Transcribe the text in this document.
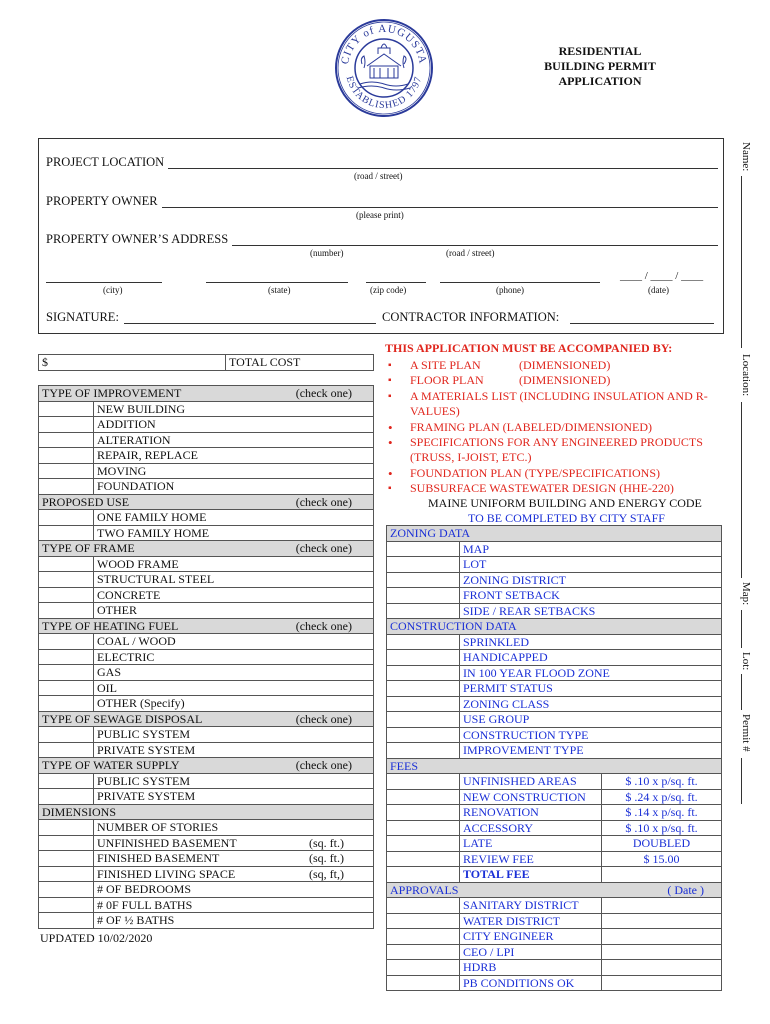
CITY of AUGUSTA
ESTABLISHED 1797
RESIDENTIAL
BUILDING PERMIT
APPLICATION
Name:
Location:
Map:
Lot:
Permit #
PROJECT LOCATION
(road / street)
PROPERTY OWNER
(please print)
PROPERTY OWNER’S ADDRESS
(number)	(road / street)
____ / ____ / ____
(city)	(state)	(zip code)	(phone)	(date)
SIGNATURE:	CONTRACTOR INFORMATION:
$	TOTAL COST
THIS APPLICATION MUST BE ACCOMPANIED BY:
▪ A SITE PLAN	(DIMENSIONED)
▪ FLOOR PLAN	(DIMENSIONED)
▪ A MATERIALS LIST (INCLUDING INSULATION AND R-VALUES)
• FRAMING PLAN (LABELED/DIMENSIONED)
• SPECIFICATIONS FOR ANY ENGINEERED PRODUCTS (TRUSS, I-JOIST, ETC.)
• FOUNDATION PLAN (TYPE/SPECIFICATIONS)
▪ SUBSURFACE WASTEWATER DESIGN (HHE-220)
MAINE UNIFORM BUILDING AND ENERGY CODE
TO BE COMPLETED BY CITY STAFF
TYPE OF IMPROVEMENT (check one)	

	NEW BUILDING
	ADDITION
	ALTERATION
	REPAIR, REPLACE
	MOVING
	FOUNDATION
PROPOSED USE (check one)	

	ONE FAMILY HOME
	TWO FAMILY HOME
TYPE OF FRAME (check one)	

	WOOD FRAME
	STRUCTURAL STEEL
	CONCRETE
	OTHER
TYPE OF HEATING FUEL (check one)	

	COAL / WOOD
	ELECTRIC
	GAS
	OIL
	OTHER (Specify)
TYPE OF SEWAGE DISPOSAL (check one)	

	PUBLIC SYSTEM
	PRIVATE SYSTEM
TYPE OF WATER SUPPLY (check one)	

	PUBLIC SYSTEM
	PRIVATE SYSTEM
DIMENSIONS	

	NUMBER OF STORIES
	UNFINISHED BASEMENT (sq. ft.)

	FINISHED BASEMENT (sq. ft.)

	FINISHED LIVING SPACE (sq, ft,)

	# OF BEDROOMS
	# 0F FULL BATHS
	# OF ½ BATHS
UPDATED 10/02/2020
ZONING DATA		
	MAP	
	LOT	
	ZONING DISTRICT	
	FRONT SETBACK	
	SIDE / REAR SETBACKS	
CONSTRUCTION DATA		
	SPRINKLED	
	HANDICAPPED	
	IN 100 YEAR FLOOD ZONE	
	PERMIT STATUS	
	ZONING CLASS	
	USE GROUP	
	CONSTRUCTION TYPE	
	IMPROVEMENT TYPE	
FEES		
	UNFINISHED AREAS	$ .10 x p/sq. ft.
	NEW CONSTRUCTION	$ .24 x p/sq. ft.
	RENOVATION	$ .14 x p/sq. ft.
	ACCESSORY	$ .10 x p/sq. ft.
	LATE	DOUBLED
	REVIEW FEE	$ 15.00
	TOTAL FEE	
APPROVALS ( Date )		

	SANITARY DISTRICT	
	WATER DISTRICT	
	CITY ENGINEER	
	CEO / LPI	
	HDRB	
	PB CONDITIONS OK	
